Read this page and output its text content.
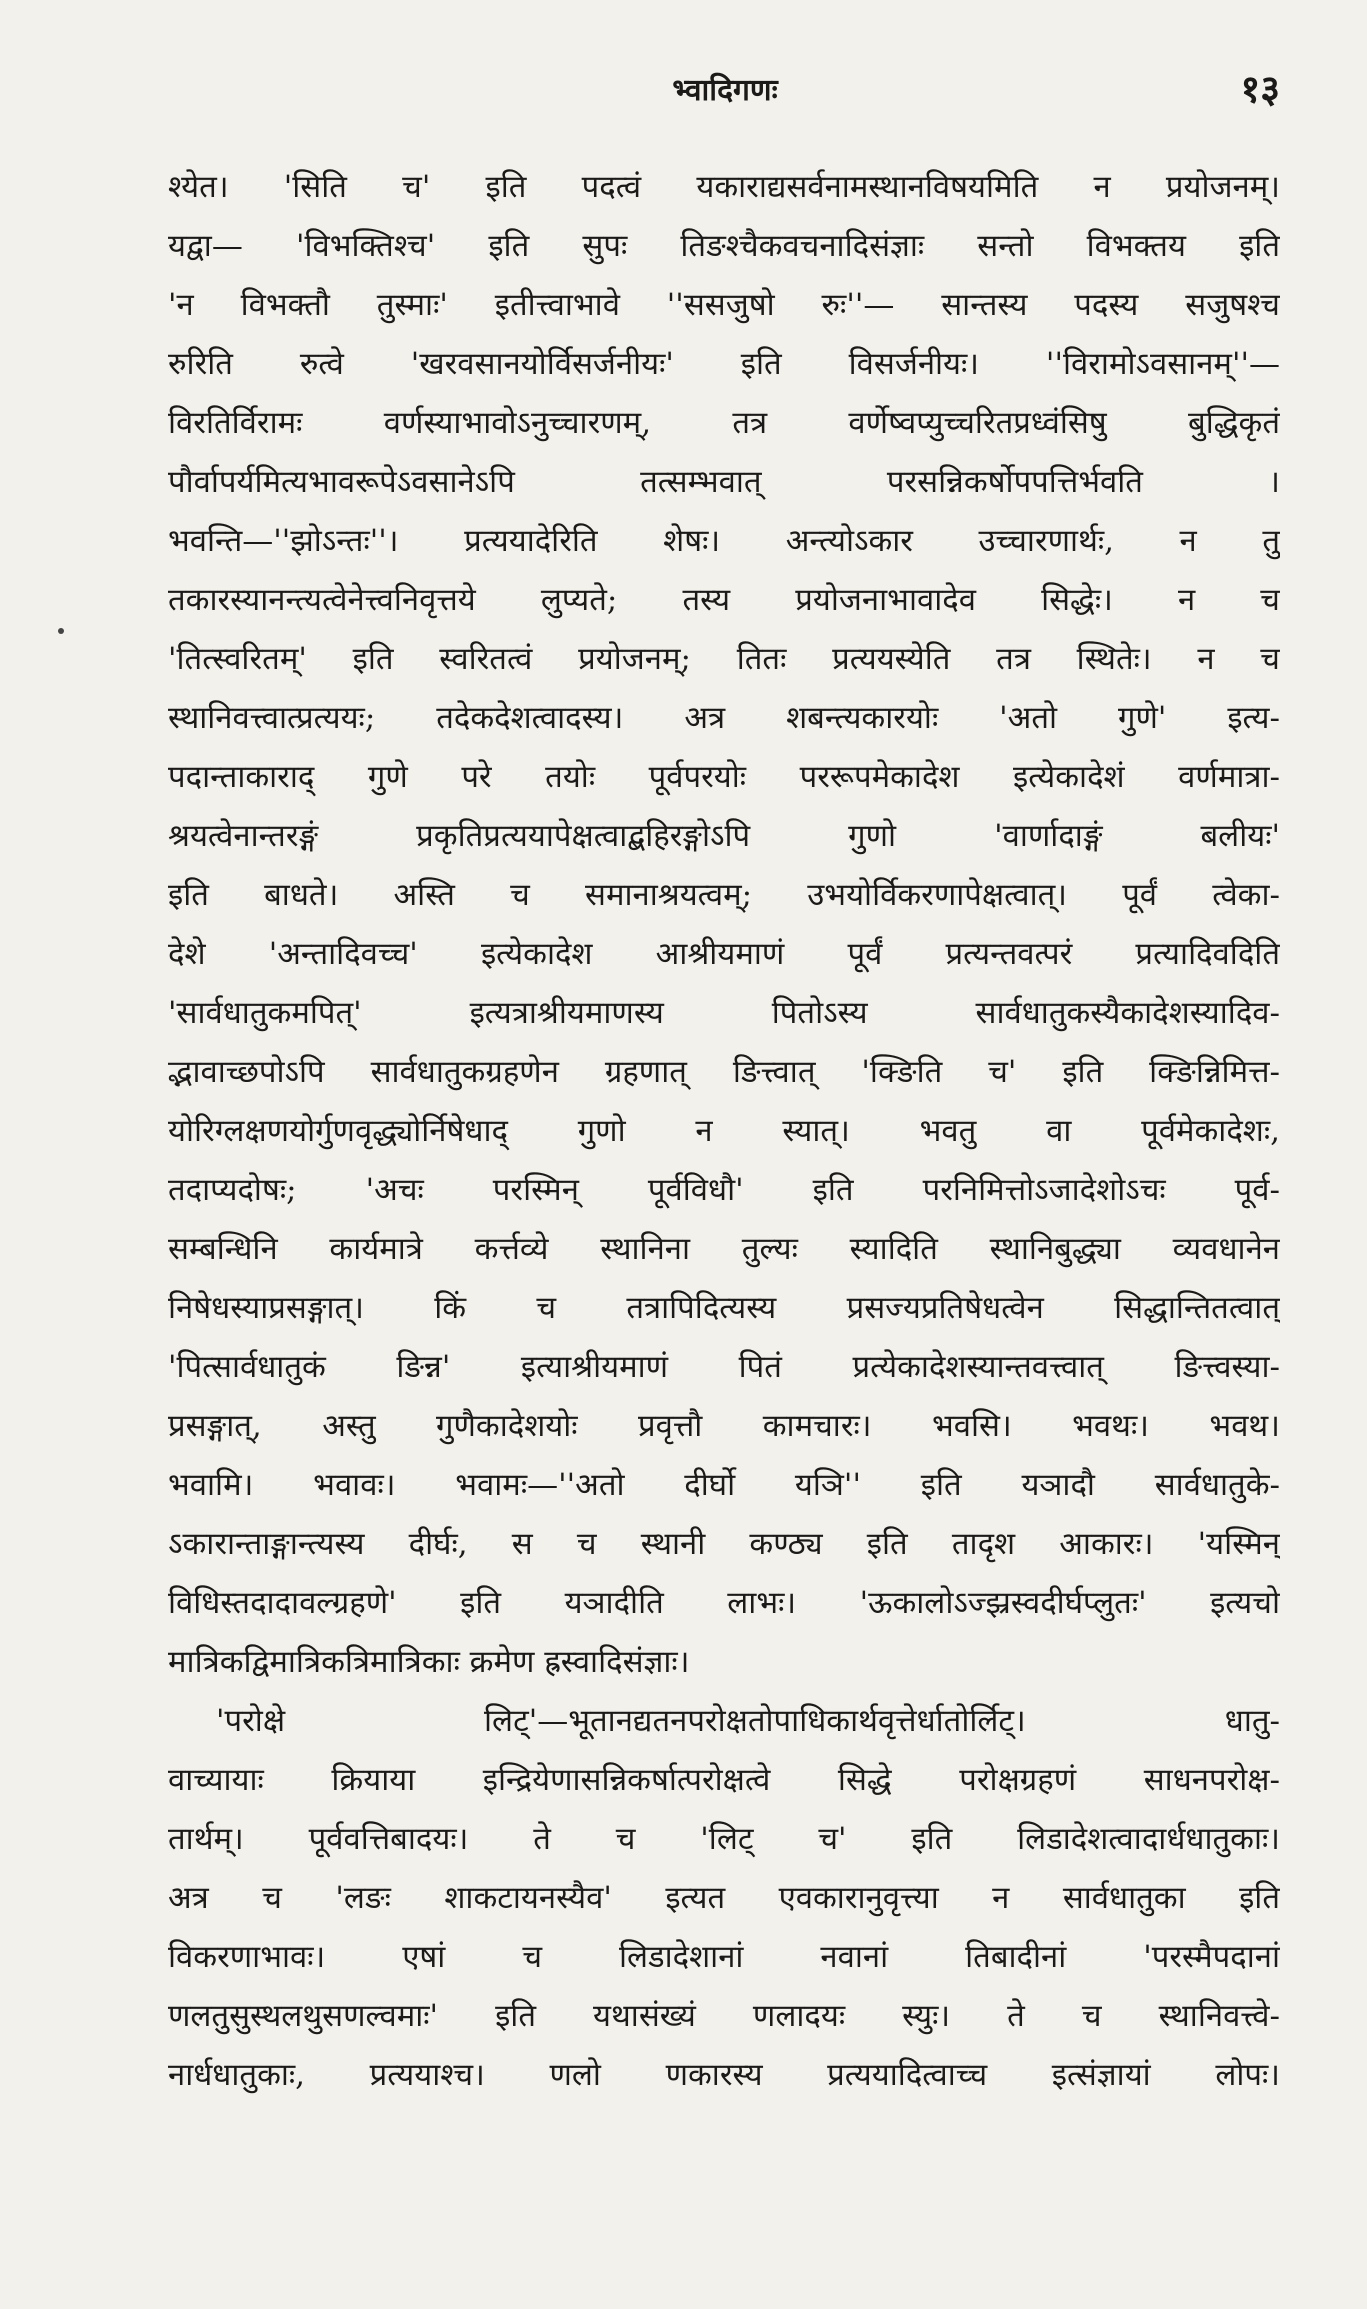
भ्वादिगणः	१३
श्येत। 'सिति च' इति पदत्वं यकाराद्यसर्वनामस्थानविषयमिति न प्रयोजनम्।
यद्वा— 'विभक्तिश्च' इति सुपः तिङश्चैकवचनादिसंज्ञाः सन्तो विभक्तय इति
'न विभक्तौ तुस्माः' इतीत्त्वाभावे ''ससजुषो रुः''— सान्तस्य पदस्य सजुषश्च
रुरिति रुत्वे 'खरवसानयोर्विसर्जनीयः' इति विसर्जनीयः। ''विरामोऽवसानम्''—
विरतिर्विरामः वर्णस्याभावोऽनुच्चारणम्, तत्र वर्णेष्वप्युच्चरितप्रध्वंसिषु बुद्धिकृतं
पौर्वापर्यमित्यभावरूपेऽवसानेऽपि तत्सम्भवात् परसन्निकर्षोपपत्तिर्भवति ।
भवन्ति—''झोऽन्तः''। प्रत्ययादेरिति शेषः। अन्त्योऽकार उच्चारणार्थः, न तु
तकारस्यानन्त्यत्वेनेत्त्वनिवृत्तये लुप्यते; तस्य प्रयोजनाभावादेव सिद्धेः। न च
'तित्स्वरितम्' इति स्वरितत्वं प्रयोजनम्; तितः प्रत्ययस्येति तत्र स्थितेः। न च
स्थानिवत्त्वात्प्रत्ययः; तदेकदेशत्वादस्य। अत्र शबन्त्यकारयोः 'अतो गुणे' इत्य-
पदान्ताकाराद् गुणे परे तयोः पूर्वपरयोः पररूपमेकादेश इत्येकादेशं वर्णमात्रा-
श्रयत्वेनान्तरङ्गं प्रकृतिप्रत्ययापेक्षत्वाद्बहिरङ्गोऽपि गुणो 'वार्णादाङ्गं बलीयः'
इति बाधते। अस्ति च समानाश्रयत्वम्; उभयोर्विकरणापेक्षत्वात्। पूर्वं त्वेका-
देशे 'अन्तादिवच्च' इत्येकादेश आश्रीयमाणं पूर्वं प्रत्यन्तवत्परं प्रत्यादिवदिति
'सार्वधातुकमपित्' इत्यत्राश्रीयमाणस्य पितोऽस्य सार्वधातुकस्यैकादेशस्यादिव-
द्भावाच्छपोऽपि सार्वधातुकग्रहणेन ग्रहणात् ङित्त्वात् 'क्ङिति च' इति क्ङिन्निमित्त-
योरिग्लक्षणयोर्गुणवृद्ध्योर्निषेधाद् गुणो न स्यात्। भवतु वा पूर्वमेकादेशः,
तदाप्यदोषः; 'अचः परस्मिन् पूर्वविधौ' इति परनिमित्तोऽजादेशोऽचः पूर्व-
सम्बन्धिनि कार्यमात्रे कर्त्तव्ये स्थानिना तुल्यः स्यादिति स्थानिबुद्ध्या व्यवधानेन
निषेधस्याप्रसङ्गात्। किं च तत्रापिदित्यस्य प्रसज्यप्रतिषेधत्वेन सिद्धान्तितत्वात्
'पित्सार्वधातुकं ङिन्न' इत्याश्रीयमाणं पितं प्रत्येकादेशस्यान्तवत्त्वात् ङित्त्वस्या-
प्रसङ्गात्, अस्तु गुणैकादेशयोः प्रवृत्तौ कामचारः। भवसि। भवथः। भवथ।
भवामि। भवावः। भवामः—''अतो दीर्घो यञि'' इति यञादौ सार्वधातुके-
ऽकारान्ताङ्गान्त्यस्य दीर्घः, स च स्थानी कण्ठ्य इति तादृश आकारः। 'यस्मिन्
विधिस्तदादावल्ग्रहणे' इति यञादीति लाभः। 'ऊकालोऽज्झ्रस्वदीर्घप्लुतः' इत्यचो
मात्रिकद्विमात्रिकत्रिमात्रिकाः क्रमेण ह्रस्वादिसंज्ञाः।
'परोक्षे लिट्'—भूतानद्यतनपरोक्षतोपाधिकार्थवृत्तेर्धातोर्लिट्। धातु-
वाच्यायाः क्रियाया इन्द्रियेणासन्निकर्षात्परोक्षत्वे सिद्धे परोक्षग्रहणं साधनपरोक्ष-
तार्थम्। पूर्ववत्तिबादयः। ते च 'लिट् च' इति लिडादेशत्वादार्धधातुकाः।
अत्र च 'लङः शाकटायनस्यैव' इत्यत एवकारानुवृत्त्या न सार्वधातुका इति
विकरणाभावः। एषां च लिडादेशानां नवानां तिबादीनां 'परस्मैपदानां
णलतुसुस्थलथुसणल्वमाः' इति यथासंख्यं णलादयः स्युः। ते च स्थानिवत्त्वे-
नार्धधातुकाः, प्रत्ययाश्च। णलो णकारस्य प्रत्ययादित्वाच्च इत्संज्ञायां लोपः।
